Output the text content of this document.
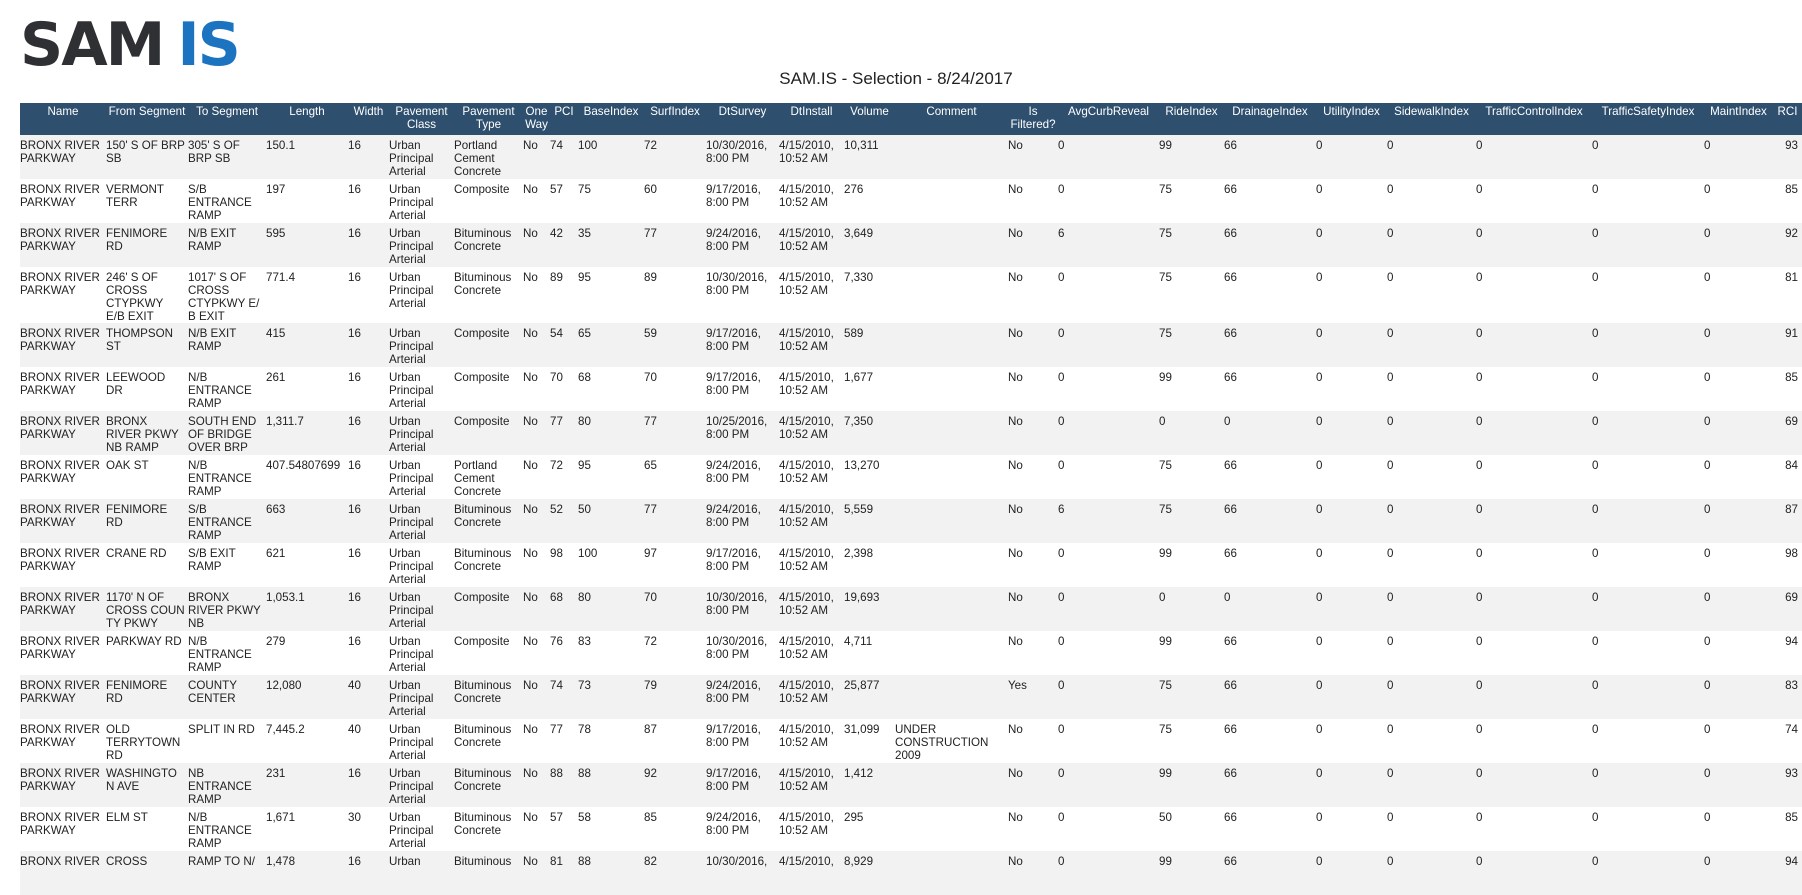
SAM IS	SAM.IS - Selection - 8/24/2017
Name	From Segment	To Segment	Length	Width	Pavement Class	Pavement Type	One Way	PCI	BaseIndex	SurfIndex	DtSurvey	DtInstall	Volume	Comment	Is Filtered?	AvgCurbReveal	RideIndex	DrainageIndex	UtilityIndex	SidewalkIndex	TrafficControlIndex	TrafficSafetyIndex	MaintIndex	RCI
BRONX RIVER PARKWAY	150' S OF BRP SB	305' S OF BRP SB	150.1	16	Urban Principal Arterial	Portland Cement Concrete	No	74	100	72	10/30/2016, 8:00 PM	4/15/2010, 10:52 AM	10,311		No	0	99	66	0	0	0	0	0	93
BRONX RIVER PARKWAY	VERMONT TERR	S/B ENTRANCE RAMP	197	16	Urban Principal Arterial	Composite	No	57	75	60	9/17/2016, 8:00 PM	4/15/2010, 10:52 AM	276		No	0	75	66	0	0	0	0	0	85
BRONX RIVER PARKWAY	FENIMORE RD	N/B EXIT RAMP	595	16	Urban Principal Arterial	Bituminous Concrete	No	42	35	77	9/24/2016, 8:00 PM	4/15/2010, 10:52 AM	3,649		No	6	75	66	0	0	0	0	0	92
BRONX RIVER PARKWAY	246' S OF CROSS CTYPKWY E/B EXIT	1017' S OF CROSS CTYPKWY E/ B EXIT	771.4	16	Urban Principal Arterial	Bituminous Concrete	No	89	95	89	10/30/2016, 8:00 PM	4/15/2010, 10:52 AM	7,330		No	0	75	66	0	0	0	0	0	81
BRONX RIVER PARKWAY	THOMPSON ST	N/B EXIT RAMP	415	16	Urban Principal Arterial	Composite	No	54	65	59	9/17/2016, 8:00 PM	4/15/2010, 10:52 AM	589		No	0	75	66	0	0	0	0	0	91
BRONX RIVER PARKWAY	LEEWOOD DR	N/B ENTRANCE RAMP	261	16	Urban Principal Arterial	Composite	No	70	68	70	9/17/2016, 8:00 PM	4/15/2010, 10:52 AM	1,677		No	0	99	66	0	0	0	0	0	85
BRONX RIVER PARKWAY	BRONX RIVER PKWY NB RAMP	SOUTH END OF BRIDGE OVER BRP	1,311.7	16	Urban Principal Arterial	Composite	No	77	80	77	10/25/2016, 8:00 PM	4/15/2010, 10:52 AM	7,350		No	0	0	0	0	0	0	0	0	69
BRONX RIVER PARKWAY	OAK ST	N/B ENTRANCE RAMP	407.54807699	16	Urban Principal Arterial	Portland Cement Concrete	No	72	95	65	9/24/2016, 8:00 PM	4/15/2010, 10:52 AM	13,270		No	0	75	66	0	0	0	0	0	84
BRONX RIVER PARKWAY	FENIMORE RD	S/B ENTRANCE RAMP	663	16	Urban Principal Arterial	Bituminous Concrete	No	52	50	77	9/24/2016, 8:00 PM	4/15/2010, 10:52 AM	5,559		No	6	75	66	0	0	0	0	0	87
BRONX RIVER PARKWAY	CRANE RD	S/B EXIT RAMP	621	16	Urban Principal Arterial	Bituminous Concrete	No	98	100	97	9/17/2016, 8:00 PM	4/15/2010, 10:52 AM	2,398		No	0	99	66	0	0	0	0	0	98
BRONX RIVER PARKWAY	1170' N OF CROSS COUN TY PKWY	BRONX RIVER PKWY NB	1,053.1	16	Urban Principal Arterial	Composite	No	68	80	70	10/30/2016, 8:00 PM	4/15/2010, 10:52 AM	19,693		No	0	0	0	0	0	0	0	0	69
BRONX RIVER PARKWAY	PARKWAY RD	N/B ENTRANCE RAMP	279	16	Urban Principal Arterial	Composite	No	76	83	72	10/30/2016, 8:00 PM	4/15/2010, 10:52 AM	4,711		No	0	99	66	0	0	0	0	0	94
BRONX RIVER PARKWAY	FENIMORE RD	COUNTY CENTER	12,080	40	Urban Principal Arterial	Bituminous Concrete	No	74	73	79	9/24/2016, 8:00 PM	4/15/2010, 10:52 AM	25,877		Yes	0	75	66	0	0	0	0	0	83
BRONX RIVER PARKWAY	OLD TERRYTOWN RD	SPLIT IN RD	7,445.2	40	Urban Principal Arterial	Bituminous Concrete	No	77	78	87	9/17/2016, 8:00 PM	4/15/2010, 10:52 AM	31,099	UNDER CONSTRUCTION 2009	No	0	75	66	0	0	0	0	0	74
BRONX RIVER PARKWAY	WASHINGTON AVE	NB ENTRANCE RAMP	231	16	Urban Principal Arterial	Bituminous Concrete	No	88	88	92	9/17/2016, 8:00 PM	4/15/2010, 10:52 AM	1,412		No	0	99	66	0	0	0	0	0	93
BRONX RIVER PARKWAY	ELM ST	N/B ENTRANCE RAMP	1,671	30	Urban Principal Arterial	Bituminous Concrete	No	57	58	85	9/24/2016, 8:00 PM	4/15/2010, 10:52 AM	295		No	0	50	66	0	0	0	0	0	85
BRONX RIVER	CROSS	RAMP TO N/	1,478	16	Urban	Bituminous	No	81	88	82	10/30/2016,	4/15/2010,	8,929		No	0	99	66	0	0	0	0	0	94
